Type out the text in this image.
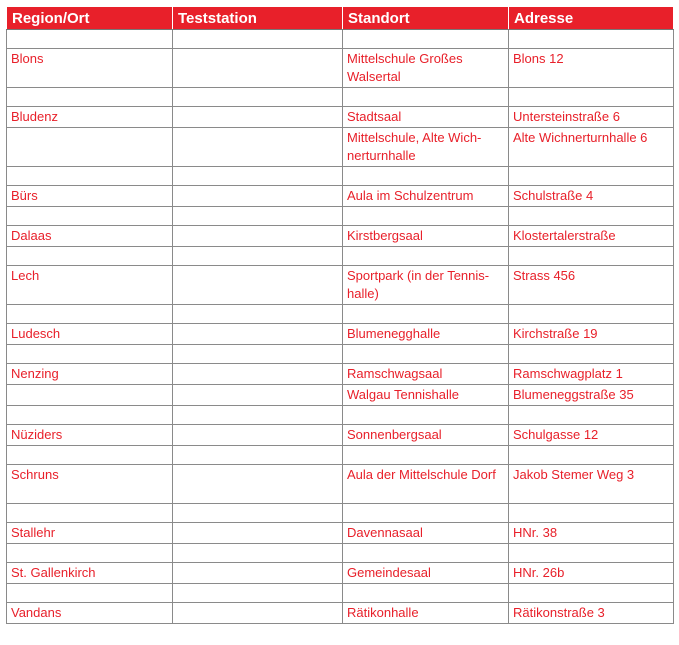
Region/Ort	Teststation	Standort	Adresse

Blons		Mittelschule Großes Walsertal	Blons 12

Bludenz		Stadtsaal	Untersteinstraße 6
		Mittelschule, Alte Wich-nerturnhalle	Alte Wichnerturnhalle 6

Bürs		Aula im Schulzentrum	Schulstraße 4

Dalaas		Kirstbergsaal	Klostertalerstraße

Lech		Sportpark (in der Tennis-halle)	Strass 456

Ludesch		Blumenegghalle	Kirchstraße 19

Nenzing		Ramschwagsaal	Ramschwagplatz 1
		Walgau Tennishalle	Blumeneggstraße 35

Nüziders		Sonnenbergsaal	Schulgasse 12

Schruns		Aula der Mittelschule Dorf	Jakob Stemer Weg 3

Stallehr		Davennasaal	HNr. 38

St. Gallenkirch		Gemeindesaal	HNr. 26b

Vandans		Rätikonhalle	Rätikonstraße 3
